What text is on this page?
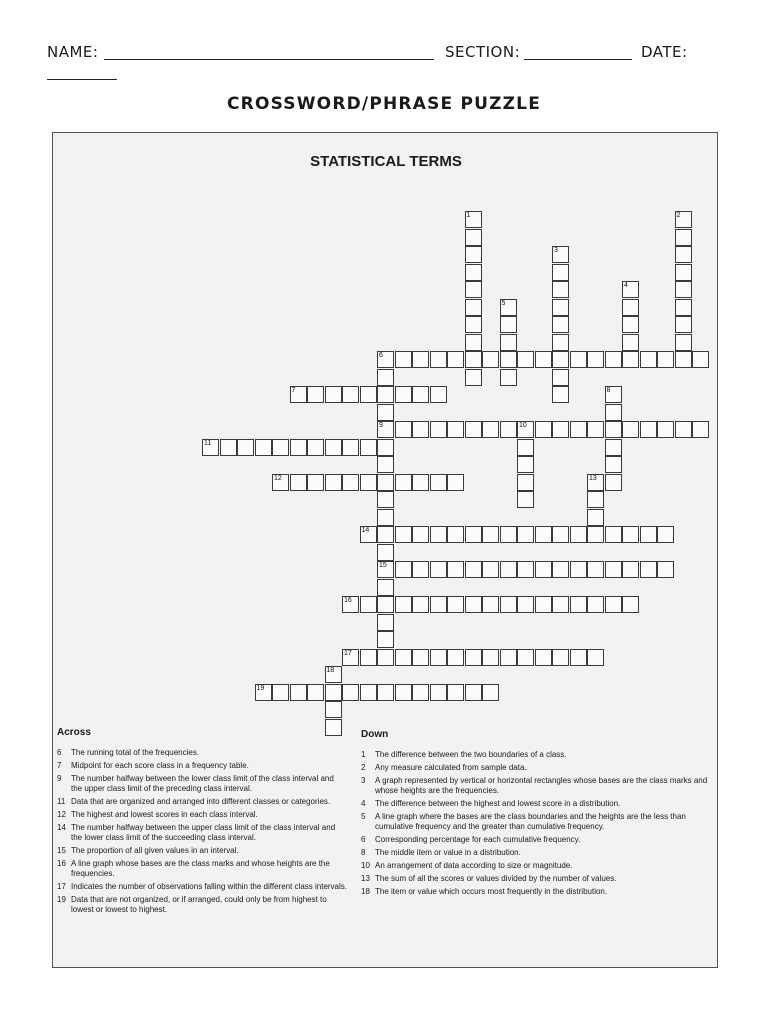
NAME:	SECTION:	DATE:
CROSSWORD/PHRASE PUZZLE
STATISTICAL TERMS
1	2
3
4
5
6
9
15
7	8
10
11
12	13
14
16
17
18
19
Across
6 The running total of the frequencies.
7 Midpoint for each score class in a frequency table.
9 The number halfway between the lower class limit of the class interval and the upper class limit of the preceding class interval.
11 Data that are organized and arranged into different classes or categories.
12 The highest and lowest scores in each class interval.
14 The number halfway between the upper class limit of the class interval and the lower class limit of the succeeding class interval.
15 The proportion of all given values in an interval.
16 A line graph whose bases are the class marks and whose heights are the frequencies.
17 Indicates the number of observations falling within the different class intervals.
19 Data that are not organized, or if arranged, could only be from highest to lowest or lowest to highest.
Down
1 The difference between the two boundaries of a class.
2 Any measure calculated from sample data.
3 A graph represented by vertical or horizontal rectangles whose bases are the class marks and whose heights are the frequencies.
4 The difference between the highest and lowest score in a distribution.
5 A line graph where the bases are the class boundaries and the heights are the less than cumulative frequency and the greater than cumulative frequency.
6 Corresponding percentage for each cumulative frequency.
8 The middle item or value in a distribution.
10 An arrangement of data according to size or magnitude.
13 The sum of all the scores or values divided by the number of values.
18 The item or value which occurs most frequently in the distribution.
